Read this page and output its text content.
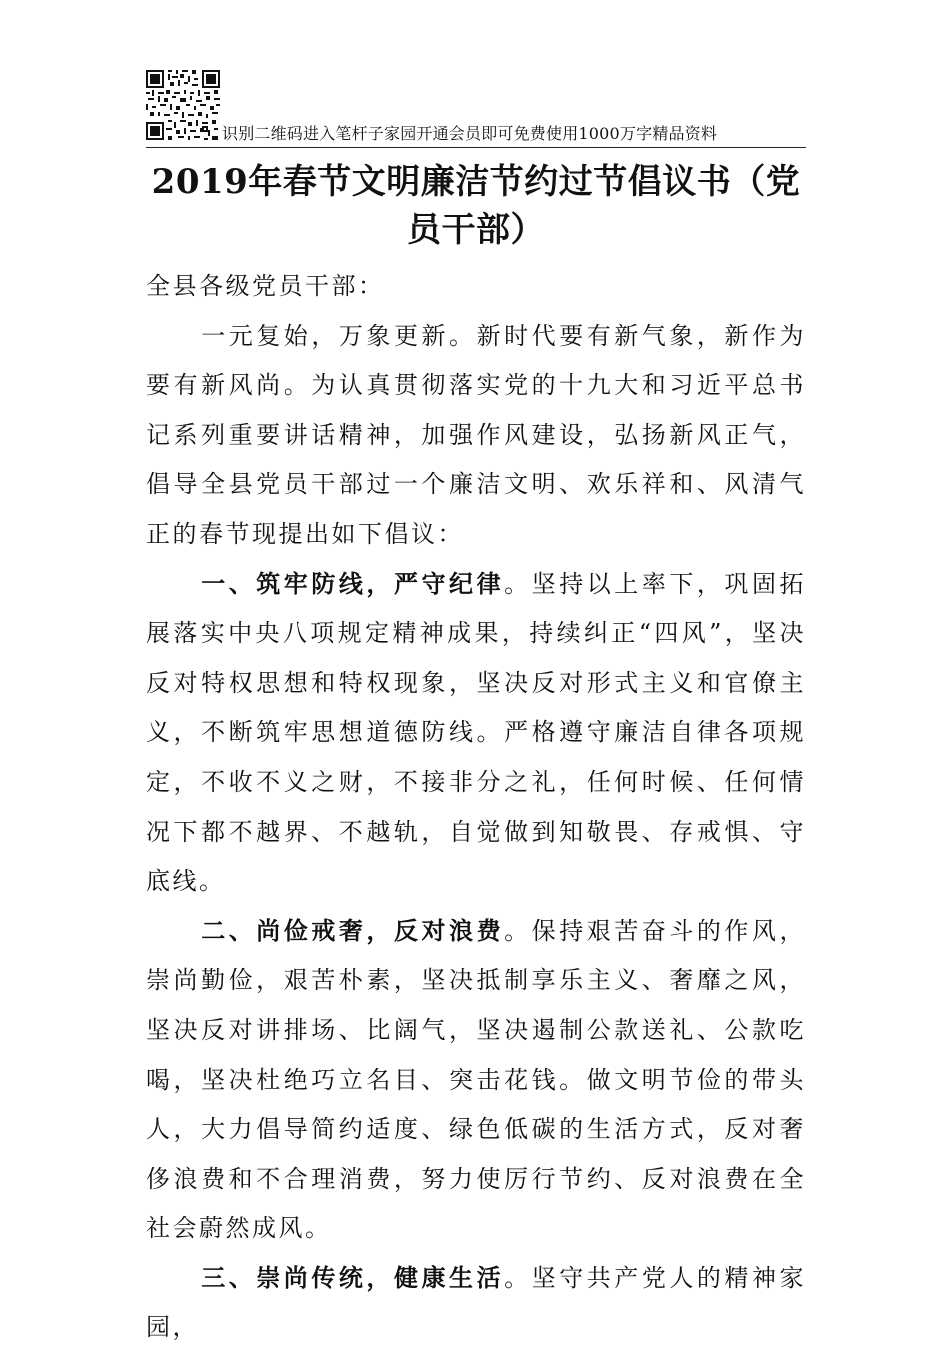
识别二维码进入笔杆子家园开通会员即可免费使用1000万字精品资料
2019年春节文明廉洁节约过节倡议书（党员干部）

全县各级党员干部：

一元复始，万象更新。新时代要有新气象，新作为要有新风尚。为认真贯彻落实党的十九大和习近平总书记系列重要讲话精神，加强作风建设，弘扬新风正气，倡导全县党员干部过一个廉洁文明、欢乐祥和、风清气正的春节现提出如下倡议：

一、筑牢防线，严守纪律。坚持以上率下，巩固拓展落实中央八项规定精神成果，持续纠正“四风”，坚决反对特权思想和特权现象，坚决反对形式主义和官僚主义，不断筑牢思想道德防线。严格遵守廉洁自律各项规定，不收不义之财，不接非分之礼，任何时候、任何情况下都不越界、不越轨，自觉做到知敬畏、存戒惧、守底线。

二、尚俭戒奢，反对浪费。保持艰苦奋斗的作风，崇尚勤俭，艰苦朴素，坚决抵制享乐主义、奢靡之风，坚决反对讲排场、比阔气，坚决遏制公款送礼、公款吃喝，坚决杜绝巧立名目、突击花钱。做文明节俭的带头人，大力倡导简约适度、绿色低碳的生活方式，反对奢侈浪费和不合理消费，努力使厉行节约、反对浪费在全社会蔚然成风。

三、崇尚传统，健康生活。坚守共产党人的精神家园，
